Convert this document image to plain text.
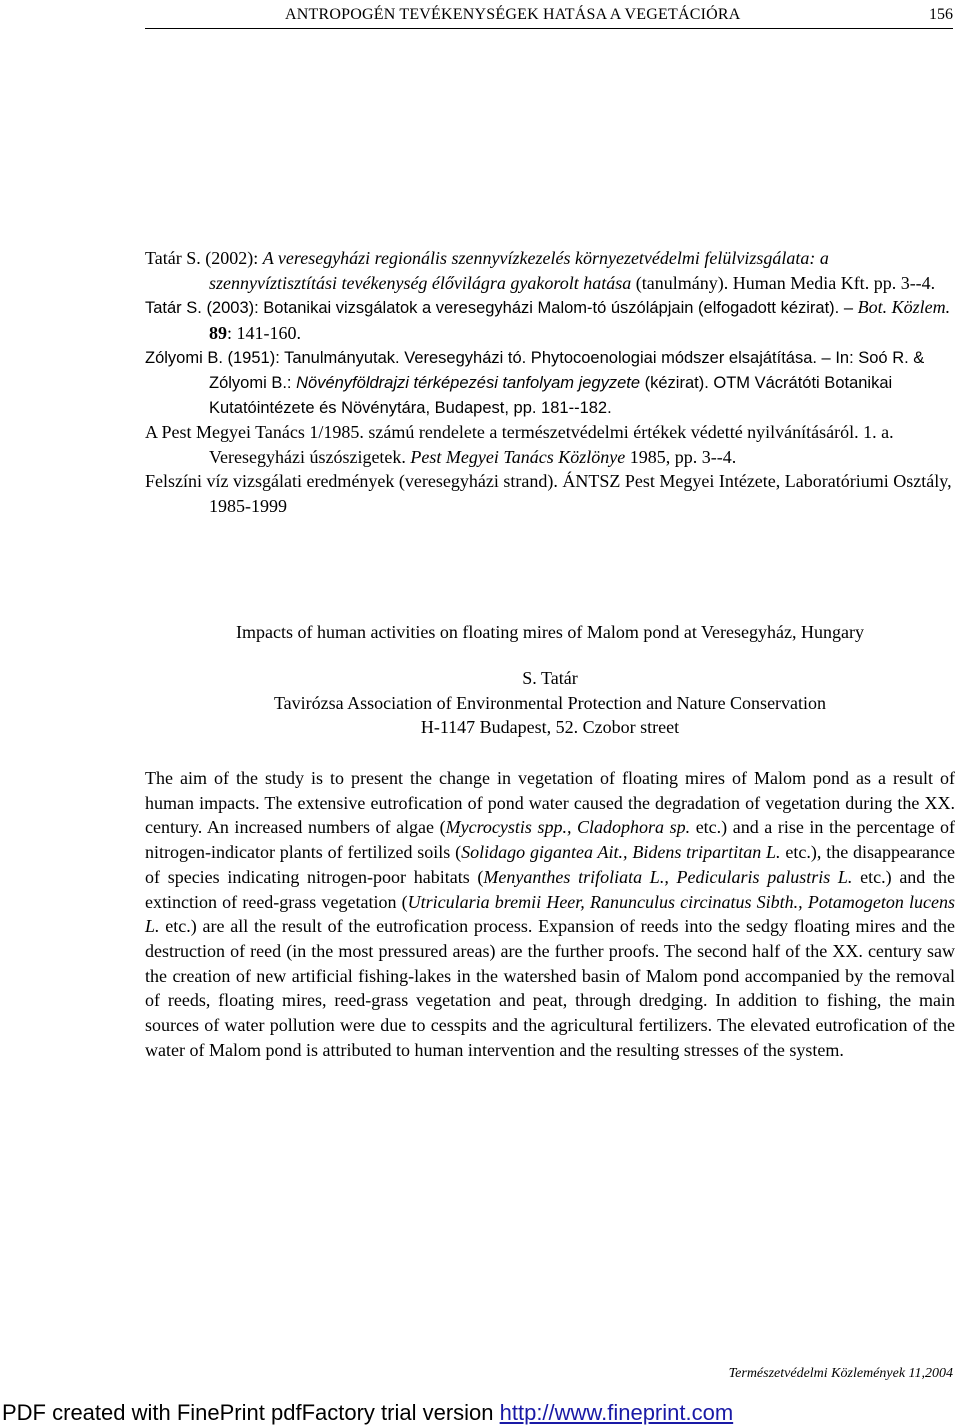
ANTROPOGÉN TEVÉKENYSÉGEK HATÁSA A VEGETÁCIÓRA	156

Tatár S. (2002): A veresegyházi regionális szennyvízkezelés környezetvédelmi felülvizsgálata: a szennyvíztisztítási tevékenység élővilágra gyakorolt hatása (tanulmány). Human Media Kft. pp. 3--4.

Tatár S. (2003): Botanikai vizsgálatok a veresegyházi Malom-tó úszólápjain (elfogadott kézirat). – Bot. Közlem. 89: 141-160.

Zólyomi B. (1951): Tanulmányutak. Veresegyházi tó. Phytocoenologiai módszer elsajátítása. – In: Soó R. & Zólyomi B.: Növényföldrajzi térképezési tanfolyam jegyzete (kézirat). OTM Vácrátóti Botanikai Kutatóintézete és Növénytára, Budapest, pp. 181--182.

A Pest Megyei Tanács 1/1985. számú rendelete a természetvédelmi értékek védetté nyilvánításáról. 1. a. Veresegyházi úszószigetek. Pest Megyei Tanács Közlönye 1985, pp. 3--4.

Felszíni víz vizsgálati eredmények (veresegyházi strand). ÁNTSZ Pest Megyei Intézete, Laboratóriumi Osztály, 1985-1999

Impacts of human activities on floating mires of Malom pond at Veresegyház, Hungary
S. Tatár
Tavirózsa Association of Environmental Protection and Nature Conservation
H-1147 Budapest, 52. Czobor street
The aim of the study is to present the change in vegetation of floating mires of Malom pond as a result of human impacts. The extensive eutrofication of pond water caused the degradation of vegetation during the XX. century. An increased numbers of algae (Mycrocystis spp., Cladophora sp. etc.) and a rise in the percentage of nitrogen-indicator plants of fertilized soils (Solidago gigantea Ait., Bidens tripartitan L. etc.), the disappearance of species indicating nitrogen-poor habitats (Menyanthes trifoliata L., Pedicularis palustris L. etc.) and the extinction of reed-grass vegetation (Utricularia bremii Heer, Ranunculus circinatus Sibth., Potamogeton lucens L. etc.) are all the result of the eutrofication process. Expansion of reeds into the sedgy floating mires and the destruction of reed (in the most pressured areas) are the further proofs. The second half of the XX. century saw the creation of new artificial fishing-lakes in the watershed basin of Malom pond accompanied by the removal of reeds, floating mires, reed-grass vegetation and peat, through dredging. In addition to fishing, the main sources of water pollution were due to cesspits and the agricultural fertilizers. The elevated eutrofication of the water of Malom pond is attributed to human intervention and the resulting stresses of the system.
Természetvédelmi Közlemények 11,2004
PDF created with FinePrint pdfFactory trial version http://www.fineprint.com
